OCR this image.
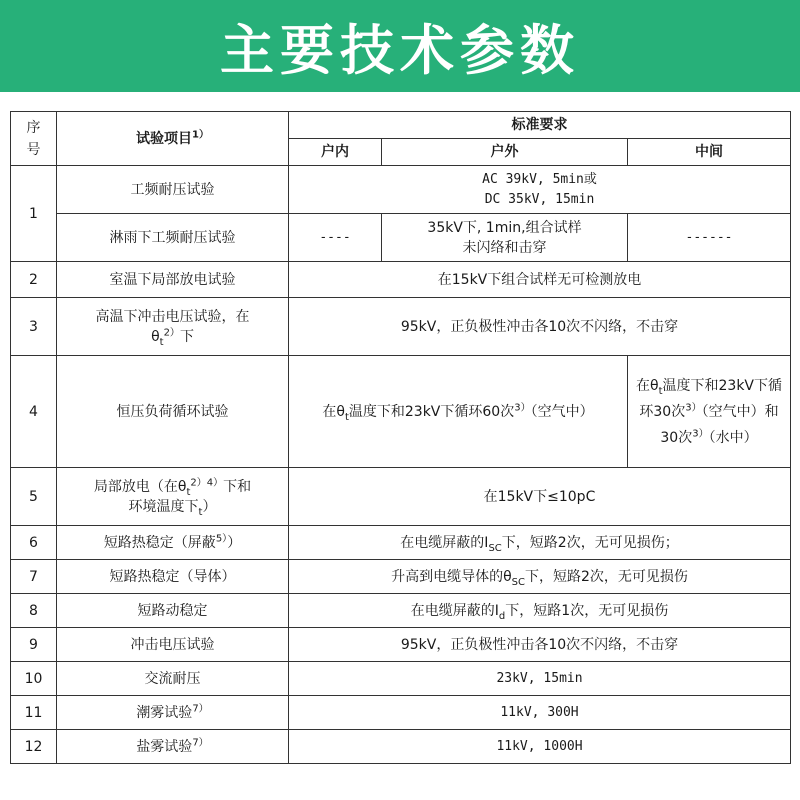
主要技术参数
序号	试验项目$^{1)}$	标准要求		
		户内	户外	中间
1	工频耐压试验	AC 39kV, 5min或
DC 35kV, 15min		

	淋雨下工频耐压试验	----	35kV下, 1min,组合试样
未闪络和击穿	------
2	室温下局部放电试验	在15kV下组合试样无可检测放电		
3	高温下冲击电压试验，在
$\theta_t^{2)}$下	95kV，正负极性冲击各10次不闪络，不击穿		
4	恒压负荷循环试验	在$\theta_t$温度下和23kV下循环60次$^{3)}$（空气中）		在$\theta_t$温度下和23kV下循环30次$^{3)}$（空气中）和30次$^{3)}$（水中）
5	局部放电（在$\theta_t^{2)4)}$下和
环境温度下$_t$）	在15kV下≤10pC		
6	短路热稳定（屏蔽$^{5)}$）	在电缆屏蔽的$I_{SC}$下，短路2次，无可见损伤；		
7	短路热稳定（导体）	升高到电缆导体的$\theta_{SC}$下，短路2次，无可见损伤		
8	短路动稳定	在电缆屏蔽的$I_d$下，短路1次，无可见损伤		
9	冲击电压试验	95kV，正负极性冲击各10次不闪络，不击穿		
10	交流耐压	23kV, 15min		
11	潮雾试验$^{7)}$	11kV, 300H		
12	盐雾试验$^{7)}$	11kV, 1000H		
